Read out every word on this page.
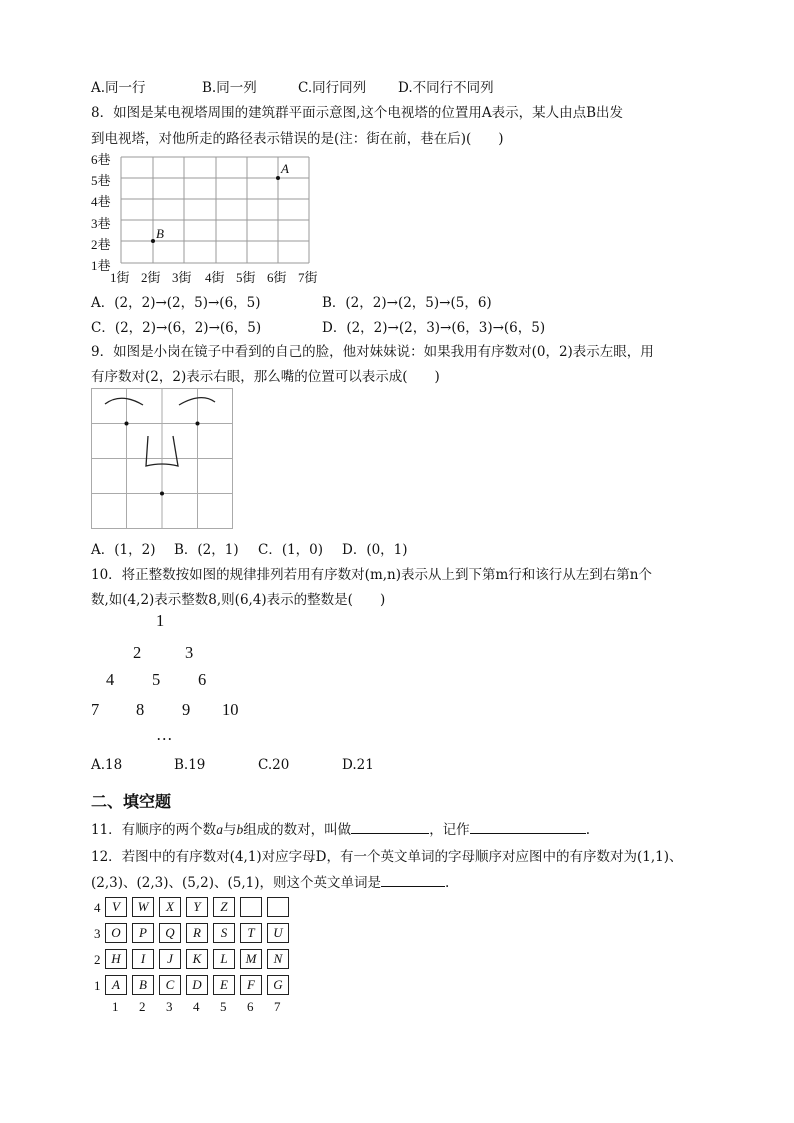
A.同一行	B.同一列	C.同行同列 D.不同行不同列
8．如图是某电视塔周围的建筑群平面示意图,这个电视塔的位置用A表示，某人由点B出发
到电视塔，对他所走的路径表示错误的是(注：街在前，巷在后)(　　)
6巷
5巷
4巷
3巷
2巷
1巷
1街 2街 3街 4街 5街 6街 7街
A
B
A．(2，2)→(2，5)→(6，5)	B．(2，2)→(2，5)→(5，6)
C．(2，2)→(6，2)→(6，5)	D．(2，2)→(2，3)→(6，3)→(6，5)
9．如图是小岗在镜子中看到的自己的脸，他对妹妹说：如果我用有序数对(0，2)表示左眼，用
有序数对(2，2)表示右眼，那么嘴的位置可以表示成(　　)
A．(1，2) B．(2，1) C．(1，0) D．(0，1)
10．将正整数按如图的规律排列若用有序数对(m,n)表示从上到下第m行和该行从左到右第n个
数,如(4,2)表示整数8,则(6,4)表示的整数是(　　)
1
2	3
4 5 6
7 8 9 10
…
A.18	B.19	C.20	D.21
二、填空题
11．有顺序的两个数a与b组成的数对，叫做	，记作	.
12．若图中的有序数对(4,1)对应字母D，有一个英文单词的字母顺序对应图中的有序数对为(1,1)、
(2,3)、(2,3)、(5,2)、(5,1)，则这个英文单词是	.
4
3
2
1
V	W	X	Y	Z
O	P	Q	R	S	T	U
H	I	J	K	L	M	N
A	B	C	D	E	F	G
1 2 3 4 5 6 7
